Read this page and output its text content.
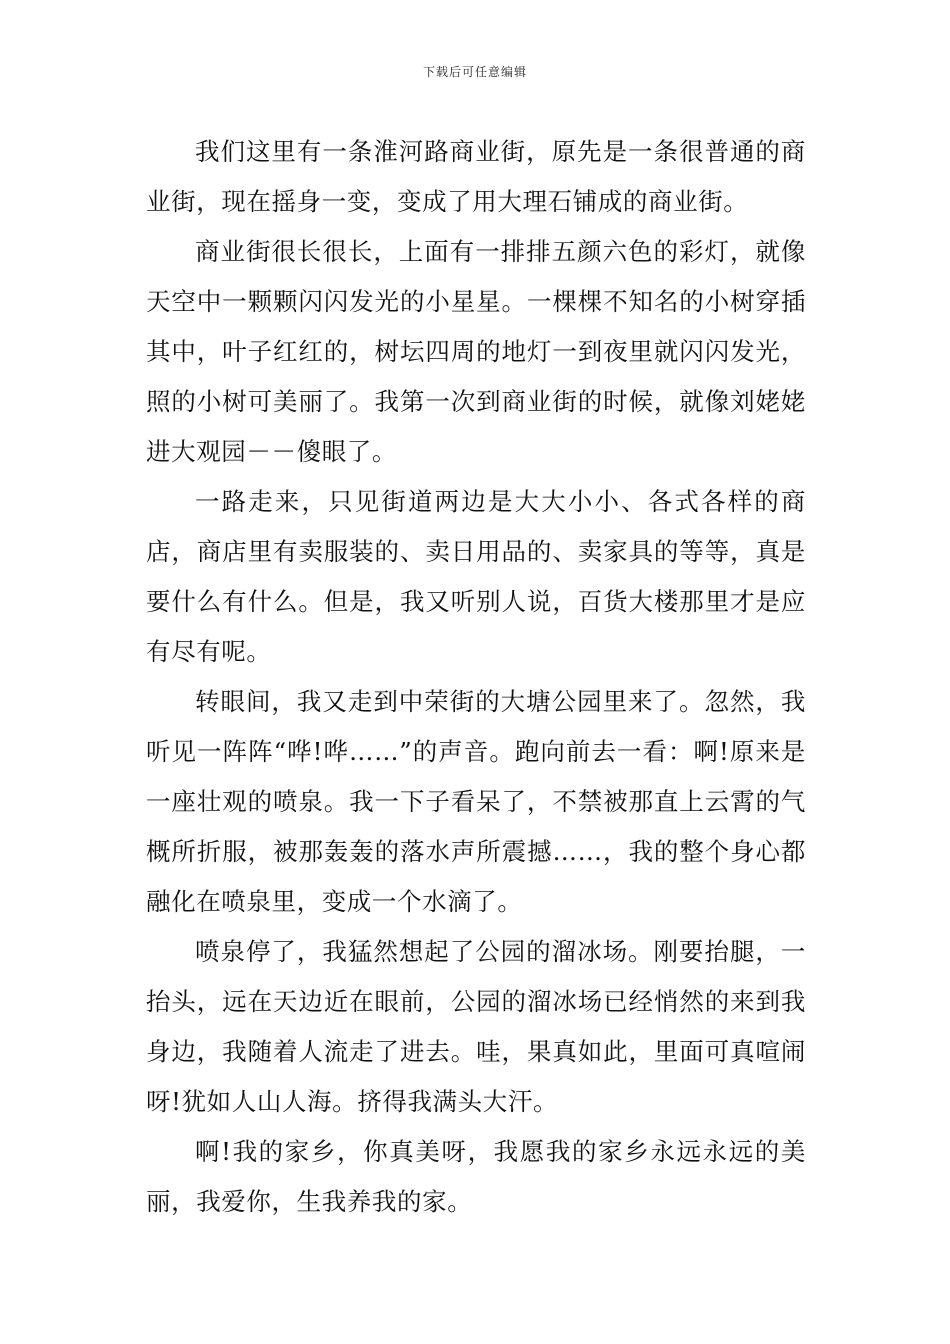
下载后可任意编辑

我们这里有一条淮河路商业街，原先是一条很普通的商业街，现在摇身一变，变成了用大理石铺成的商业街。

商业街很长很长，上面有一排排五颜六色的彩灯，就像天空中一颗颗闪闪发光的小星星。一棵棵不知名的小树穿插其中，叶子红红的，树坛四周的地灯一到夜里就闪闪发光，照的小树可美丽了。我第一次到商业街的时候，就像刘姥姥进大观园－－傻眼了。

一路走来，只见街道两边是大大小小、各式各样的商店，商店里有卖服装的、卖日用品的、卖家具的等等，真是要什么有什么。但是，我又听别人说，百货大楼那里才是应有尽有呢。

转眼间，我又走到中荣街的大塘公园里来了。忽然，我听见一阵阵“哗!哗……”的声音。跑向前去一看：啊!原来是一座壮观的喷泉。我一下子看呆了，不禁被那直上云霄的气概所折服，被那轰轰的落水声所震撼……，我的整个身心都融化在喷泉里，变成一个水滴了。

喷泉停了，我猛然想起了公园的溜冰场。刚要抬腿，一抬头，远在天边近在眼前，公园的溜冰场已经悄然的来到我身边，我随着人流走了进去。哇，果真如此，里面可真喧闹呀!犹如人山人海。挤得我满头大汗。

啊!我的家乡，你真美呀，我愿我的家乡永远永远的美丽，我爱你，生我养我的家。
